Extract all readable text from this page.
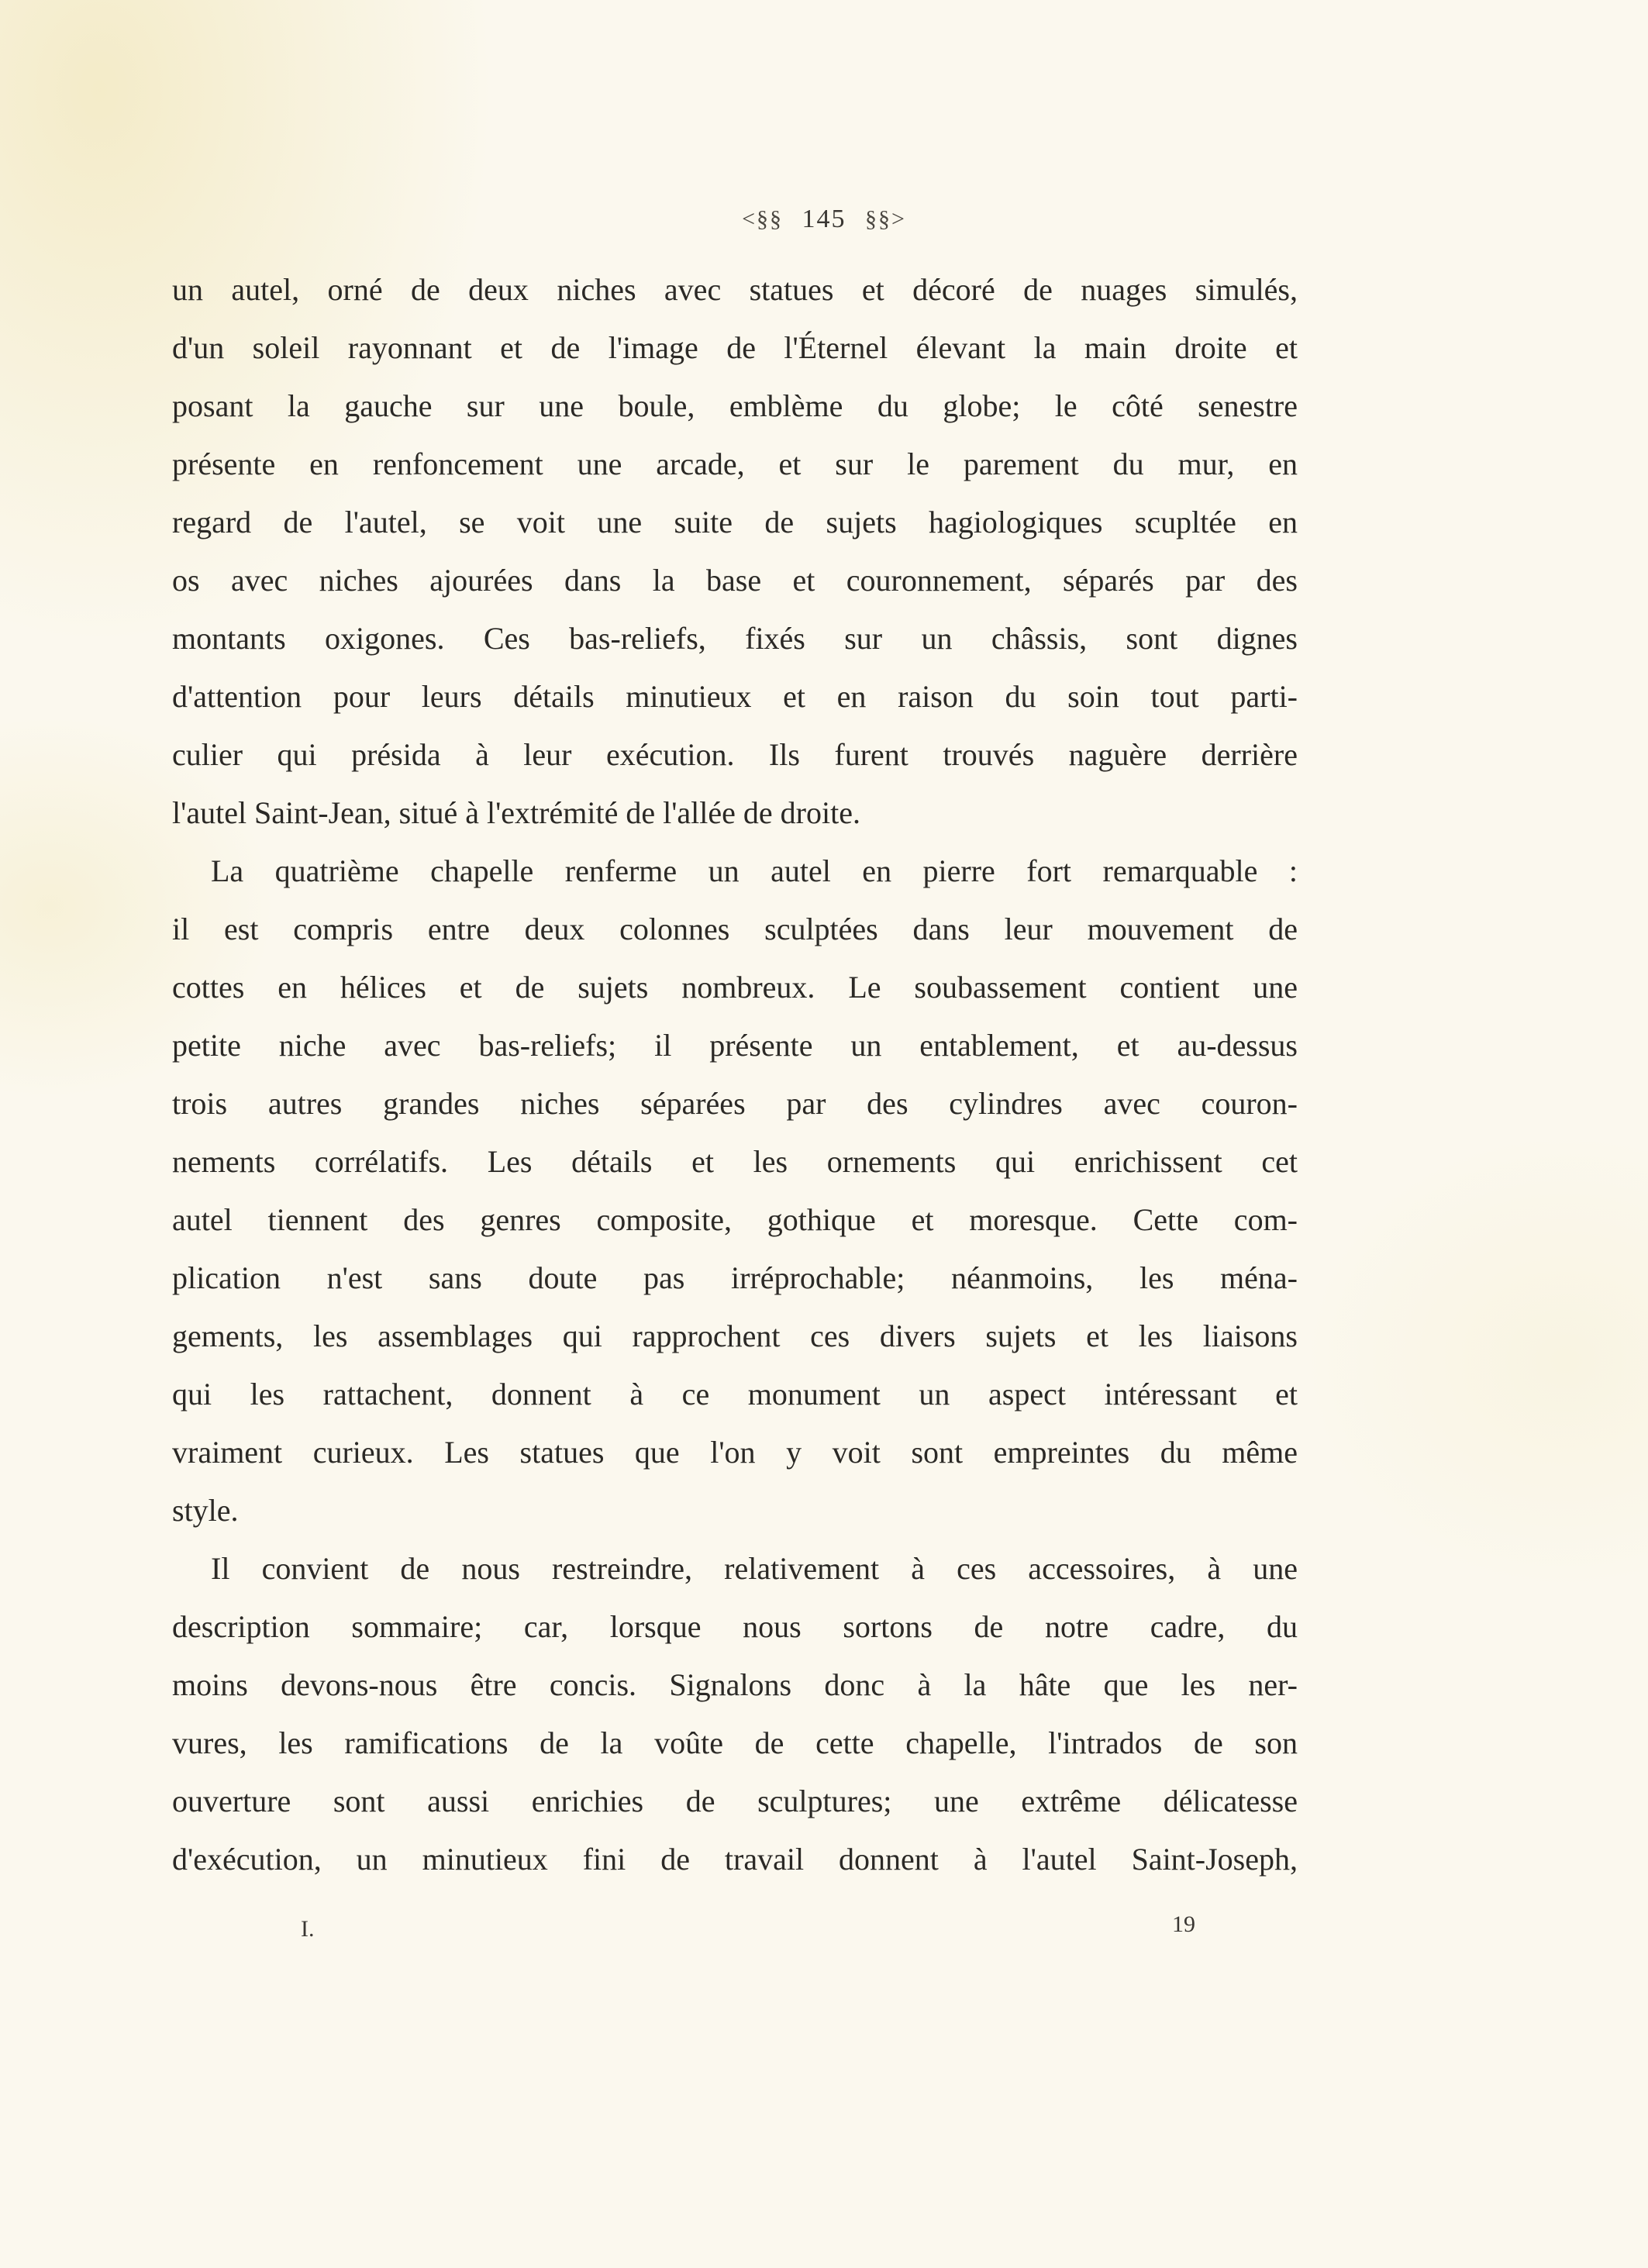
<§§ 145 §§>

un autel, orné de deux niches avec statues et décoré de nuages simulés,

d'un soleil rayonnant et de l'image de l'Éternel élevant la main droite et

posant la gauche sur une boule, emblème du globe; le côté senestre

présente en renfoncement une arcade, et sur le parement du mur, en

regard de l'autel, se voit une suite de sujets hagiologiques scupltée en

os avec niches ajourées dans la base et couronnement, séparés par des

montants oxigones. Ces bas-reliefs, fixés sur un châssis, sont dignes

d'attention pour leurs détails minutieux et en raison du soin tout parti-

culier qui présida à leur exécution. Ils furent trouvés naguère derrière

l'autel Saint-Jean, situé à l'extrémité de l'allée de droite.

La quatrième chapelle renferme un autel en pierre fort remarquable :

il est compris entre deux colonnes sculptées dans leur mouvement de

cottes en hélices et de sujets nombreux. Le soubassement contient une

petite niche avec bas-reliefs; il présente un entablement, et au-dessus

trois autres grandes niches séparées par des cylindres avec couron-

nements corrélatifs. Les détails et les ornements qui enrichissent cet

autel tiennent des genres composite, gothique et moresque. Cette com-

plication n'est sans doute pas irréprochable; néanmoins, les ména-

gements, les assemblages qui rapprochent ces divers sujets et les liaisons

qui les rattachent, donnent à ce monument un aspect intéressant et

vraiment curieux. Les statues que l'on y voit sont empreintes du même

style.

Il convient de nous restreindre, relativement à ces accessoires, à une

description sommaire; car, lorsque nous sortons de notre cadre, du

moins devons-nous être concis. Signalons donc à la hâte que les ner-

vures, les ramifications de la voûte de cette chapelle, l'intrados de son

ouverture sont aussi enrichies de sculptures; une extrême délicatesse

d'exécution, un minutieux fini de travail donnent à l'autel Saint-Joseph,

I.	19
